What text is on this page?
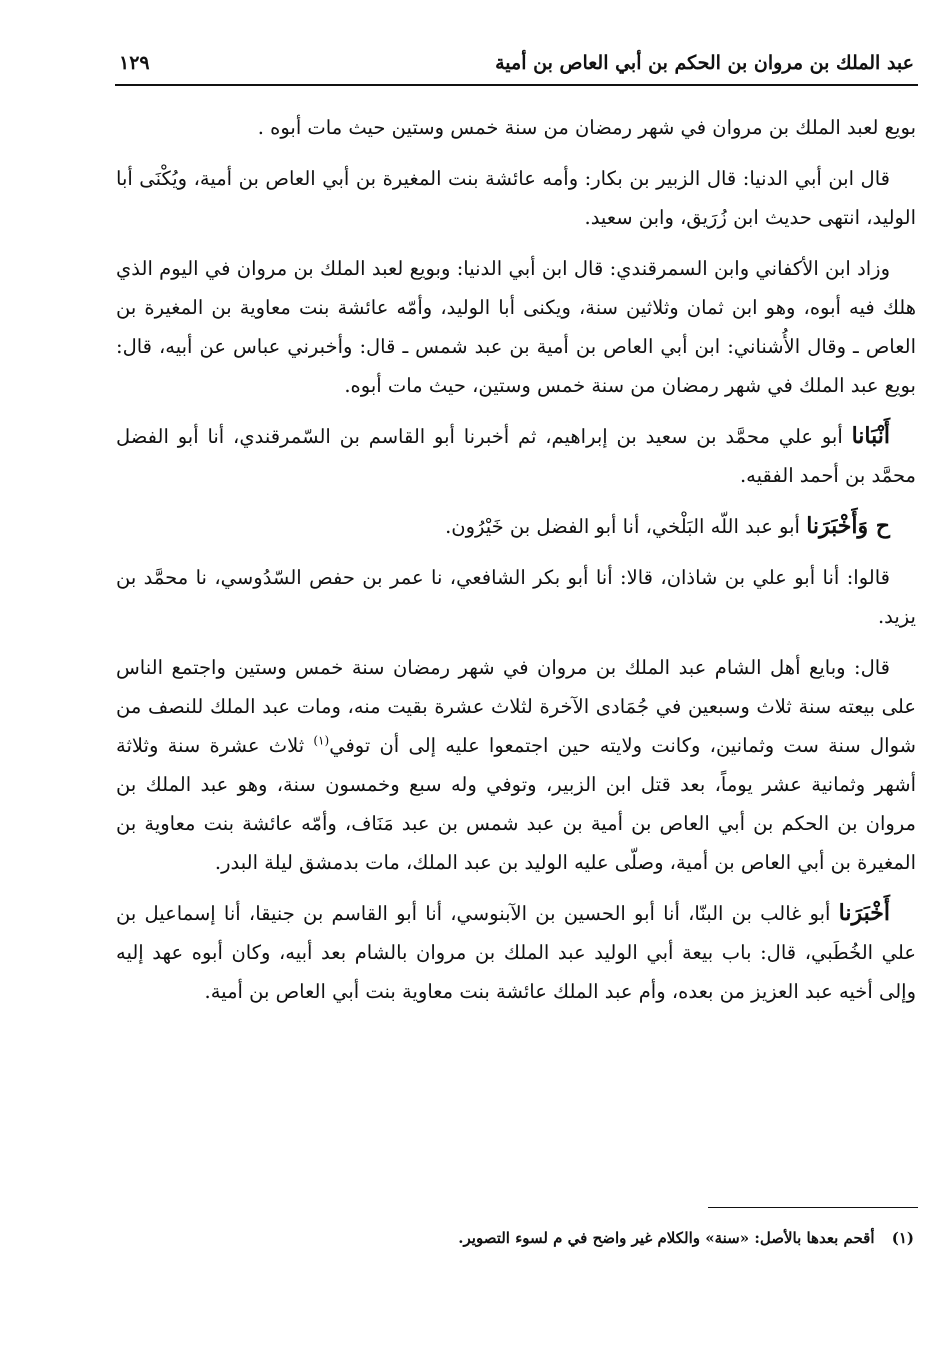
عبد الملك بن مروان بن الحكم بن أبي العاص بن أمية
١٢٩

بويع لعبد الملك بن مروان في شهر رمضان من سنة خمس وستين حيث مات أبوه .

قال ابن أبي الدنيا: قال الزبير بن بكار: وأمه عائشة بنت المغيرة بن أبي العاص بن أمية، ويُكْنَى أبا الوليد، انتهى حديث ابن زُرَيق، وابن سعيد.

وزاد ابن الأكفاني وابن السمرقندي: قال ابن أبي الدنيا: وبويع لعبد الملك بن مروان في اليوم الذي هلك فيه أبوه، وهو ابن ثمان وثلاثين سنة، ويكنى أبا الوليد، وأمّه عائشة بنت معاوية بن المغيرة بن العاص ـ وقال الأُشناني: ابن أبي العاص بن أمية بن عبد شمس ـ قال: وأخبرني عباس عن أبيه، قال: بويع عبد الملك في شهر رمضان من سنة خمس وستين، حيث مات أبوه.

أَنْبَانا أبو علي محمَّد بن سعيد بن إبراهيم، ثم أخبرنا أبو القاسم بن السّمرقندي، أنا أبو الفضل محمَّد بن أحمد الفقيه.

ح وَأَخْبَرَنا أبو عبد اللّه البَلْخي، أنا أبو الفضل بن خَيْرُون.

قالوا: أنا أبو علي بن شاذان، قالا: أنا أبو بكر الشافعي، نا عمر بن حفص السّدُوسي، نا محمَّد بن يزيد.

قال: وبايع أهل الشام عبد الملك بن مروان في شهر رمضان سنة خمس وستين واجتمع الناس على بيعته سنة ثلاث وسبعين في جُمَادى الآخرة لثلاث عشرة بقيت منه، ومات عبد الملك للنصف من شوال سنة ست وثمانين، وكانت ولايته حين اجتمعوا عليه إلى أن توفي$^{(١)}$ ثلاث عشرة سنة وثلاثة أشهر وثمانية عشر يوماً، بعد قتل ابن الزبير، وتوفي وله سبع وخمسون سنة، وهو عبد الملك بن مروان بن الحكم بن أبي العاص بن أمية بن عبد شمس بن عبد مَنَاف، وأمّه عائشة بنت معاوية بن المغيرة بن أبي العاص بن أمية، وصلّى عليه الوليد بن عبد الملك، مات بدمشق ليلة البدر.

أَخْبَرَنا أبو غالب بن البنّا، أنا أبو الحسين بن الآبنوسي، أنا أبو القاسم بن جنيقا، أنا إسماعيل بن علي الخُطَبي، قال: باب بيعة أبي الوليد عبد الملك بن مروان بالشام بعد أبيه، وكان أبوه عهد إليه وإلى أخيه عبد العزيز من بعده، وأم عبد الملك عائشة بنت معاوية بنت أبي العاص بن أمية.

(١) أقحم بعدها بالأصل: «سنة» والكلام غير واضح في م لسوء التصوير.
